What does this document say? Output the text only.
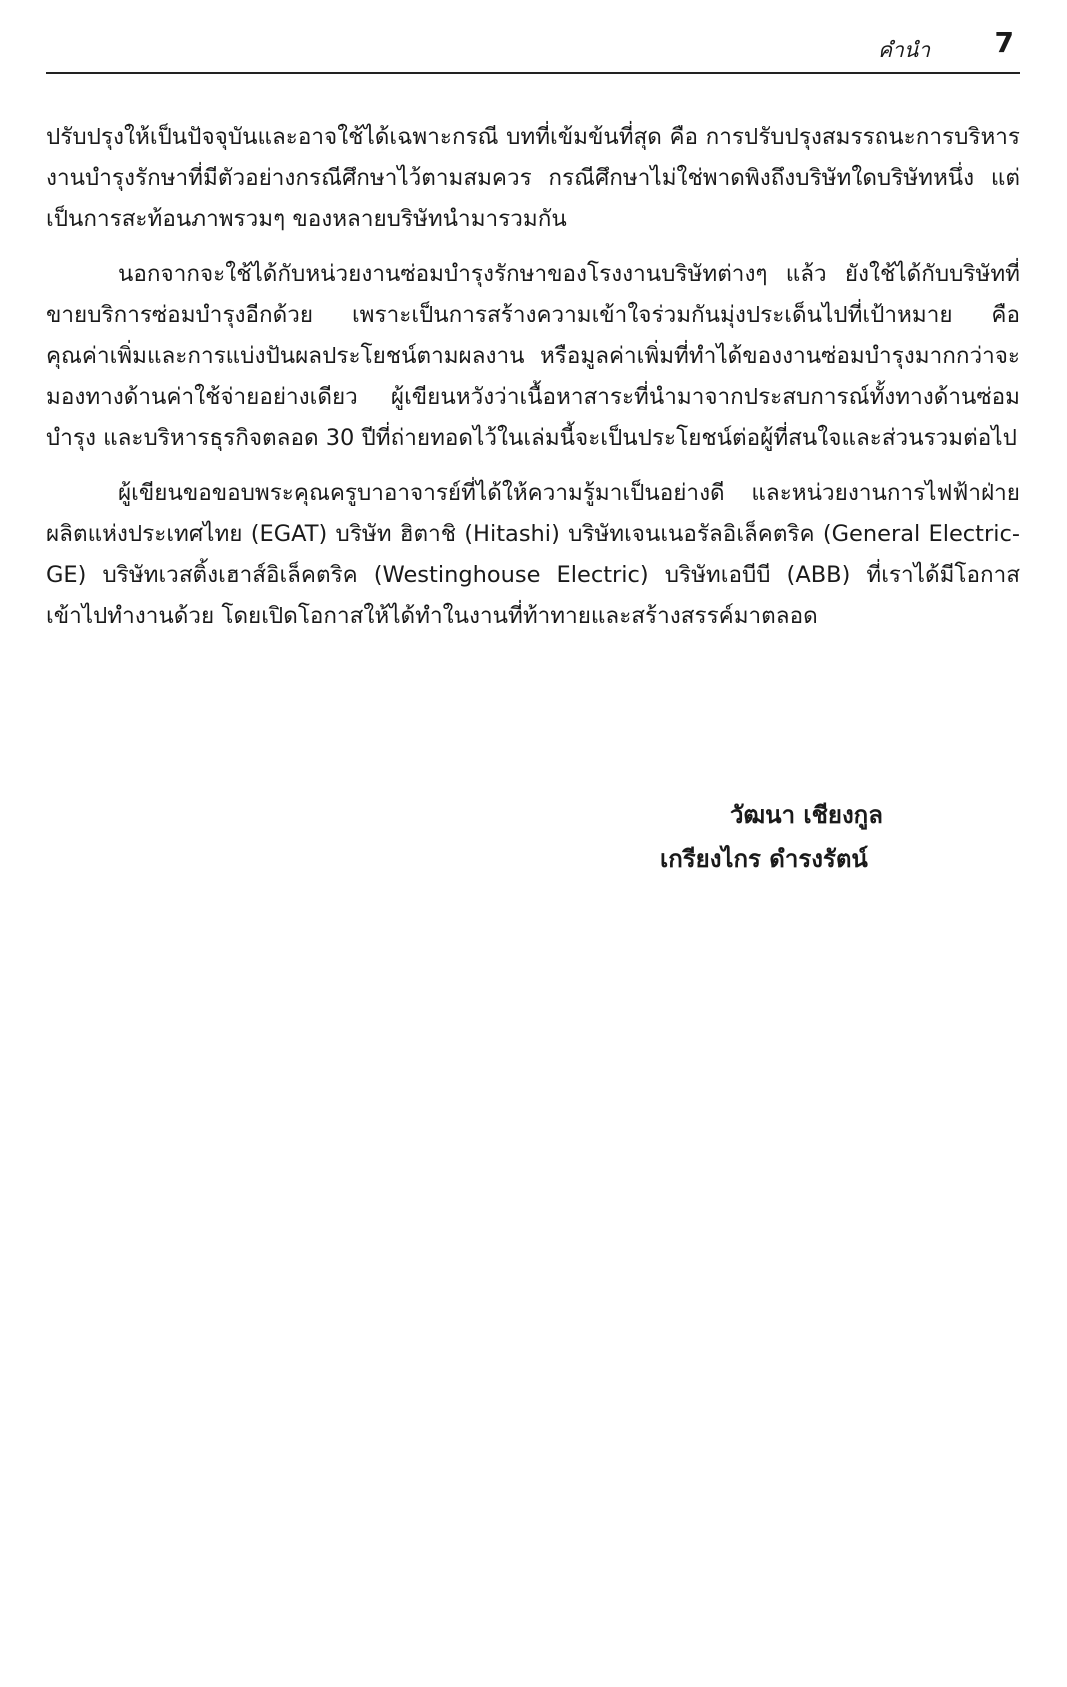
คำนำ 7

ปรับปรุงให้เป็นปัจจุบันและอาจใช้ได้เฉพาะกรณี บทที่เข้มข้นที่สุด คือ การปรับปรุงสมรรถนะการบริหารงานบำรุงรักษาที่มีตัวอย่างกรณีศึกษาไว้ตามสมควร กรณีศึกษาไม่ใช่พาดพิงถึงบริษัทใดบริษัทหนึ่ง แต่เป็นการสะท้อนภาพรวมๆ ของหลายบริษัทนำมารวมกัน

นอกจากจะใช้ได้กับหน่วยงานซ่อมบำรุงรักษาของโรงงานบริษัทต่างๆ แล้ว ยังใช้ได้กับบริษัทที่ขายบริการซ่อมบำรุงอีกด้วย เพราะเป็นการสร้างความเข้าใจร่วมกันมุ่งประเด็นไปที่เป้าหมาย คือ คุณค่าเพิ่มและการแบ่งปันผลประโยชน์ตามผลงาน หรือมูลค่าเพิ่มที่ทำได้ของงานซ่อมบำรุงมากกว่าจะมองทางด้านค่าใช้จ่ายอย่างเดียว ผู้เขียนหวังว่าเนื้อหาสาระที่นำมาจากประสบการณ์ทั้งทางด้านซ่อมบำรุง และบริหารธุรกิจตลอด 30 ปีที่ถ่ายทอดไว้ในเล่มนี้จะเป็นประโยชน์ต่อผู้ที่สนใจและส่วนรวมต่อไป

ผู้เขียนขอขอบพระคุณครูบาอาจารย์ที่ได้ให้ความรู้มาเป็นอย่างดี และหน่วยงานการไฟฟ้าฝ่ายผลิตแห่งประเทศไทย (EGAT) บริษัท ฮิตาชิ (Hitashi) บริษัทเจนเนอรัลอิเล็คตริค (General Electric-GE) บริษัทเวสติ้งเฮาส์อิเล็คตริค (Westinghouse Electric) บริษัทเอบีบี (ABB) ที่เราได้มีโอกาสเข้าไปทำงานด้วย โดยเปิดโอกาสให้ได้ทำในงานที่ท้าทายและสร้างสรรค์มาตลอด

วัฒนา เชียงกูล
เกรียงไกร ดำรงรัตน์
